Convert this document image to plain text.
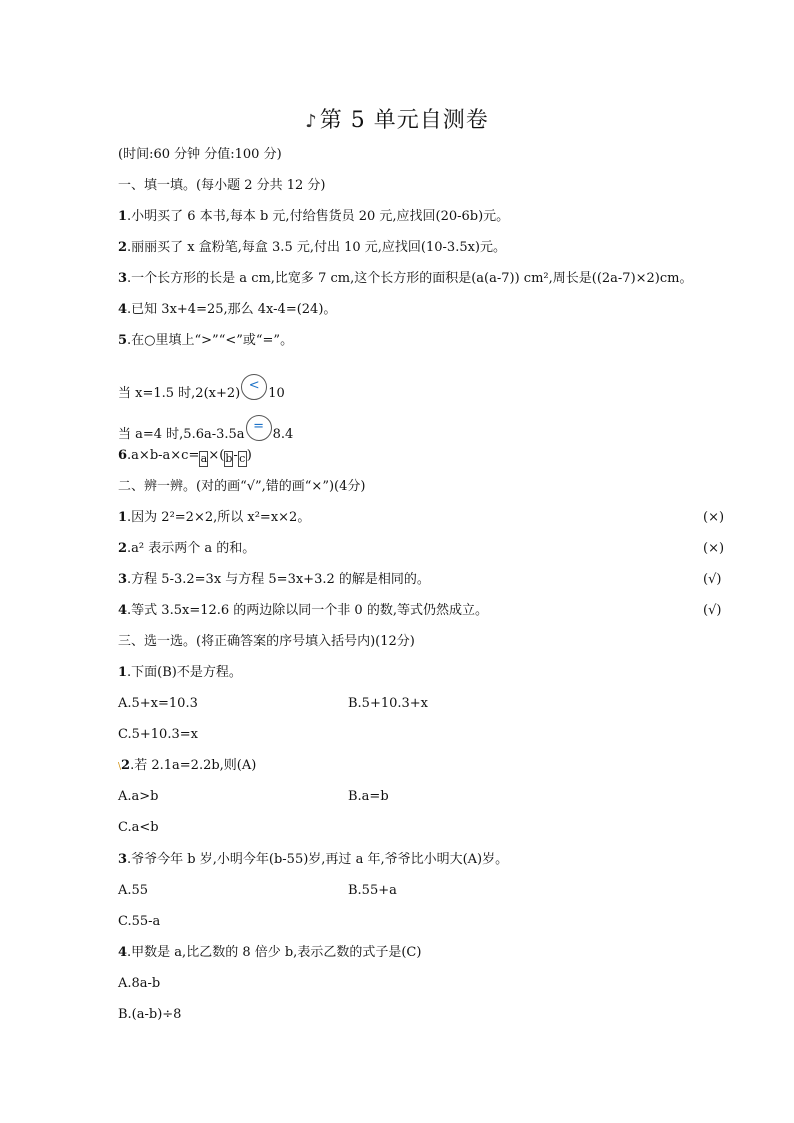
♪第 5 单元自测卷
(时间:60 分钟 分值:100 分)
一、填一填。(每小题 2 分共 12 分)
1.小明买了 6 本书,每本 b 元,付给售货员 20 元,应找回(20-6b)元。
2.丽丽买了 x 盒粉笔,每盒 3.5 元,付出 10 元,应找回(10-3.5x)元。
3.一个长方形的长是 a cm,比宽多 7 cm,这个长方形的面积是(a(a-7)) cm²,周长是((2a-7)×2)cm。
4.已知 3x+4=25,那么 4x-4=(24)。
5.在○里填上“>”“<”或“=”。
当 x=1.5 时,2(x+2)<10
当 a=4 时,5.6a-3.5a=8.4
6.a×b-a×c=a×(b-c)
二、辨一辨。(对的画“√”,错的画“×”)(4分)
1.因为 2²=2×2,所以 x²=x×2。	(×)
2.a² 表示两个 a 的和。	(×)
3.方程 5-3.2=3x 与方程 5=3x+3.2 的解是相同的。	(√)
4.等式 3.5x=12.6 的两边除以同一个非 0 的数,等式仍然成立。	(√)
三、选一选。(将正确答案的序号填入括号内)(12分)
1.下面(B)不是方程。
A.5+x=10.3	B.5+10.3+x
C.5+10.3=x
\2.若 2.1a=2.2b,则(A)
A.a>b	B.a=b
C.a<b
3.爷爷今年 b 岁,小明今年(b-55)岁,再过 a 年,爷爷比小明大(A)岁。
A.55	B.55+a
C.55-a
4.甲数是 a,比乙数的 8 倍少 b,表示乙数的式子是(C)
A.8a-b
B.(a-b)÷8
